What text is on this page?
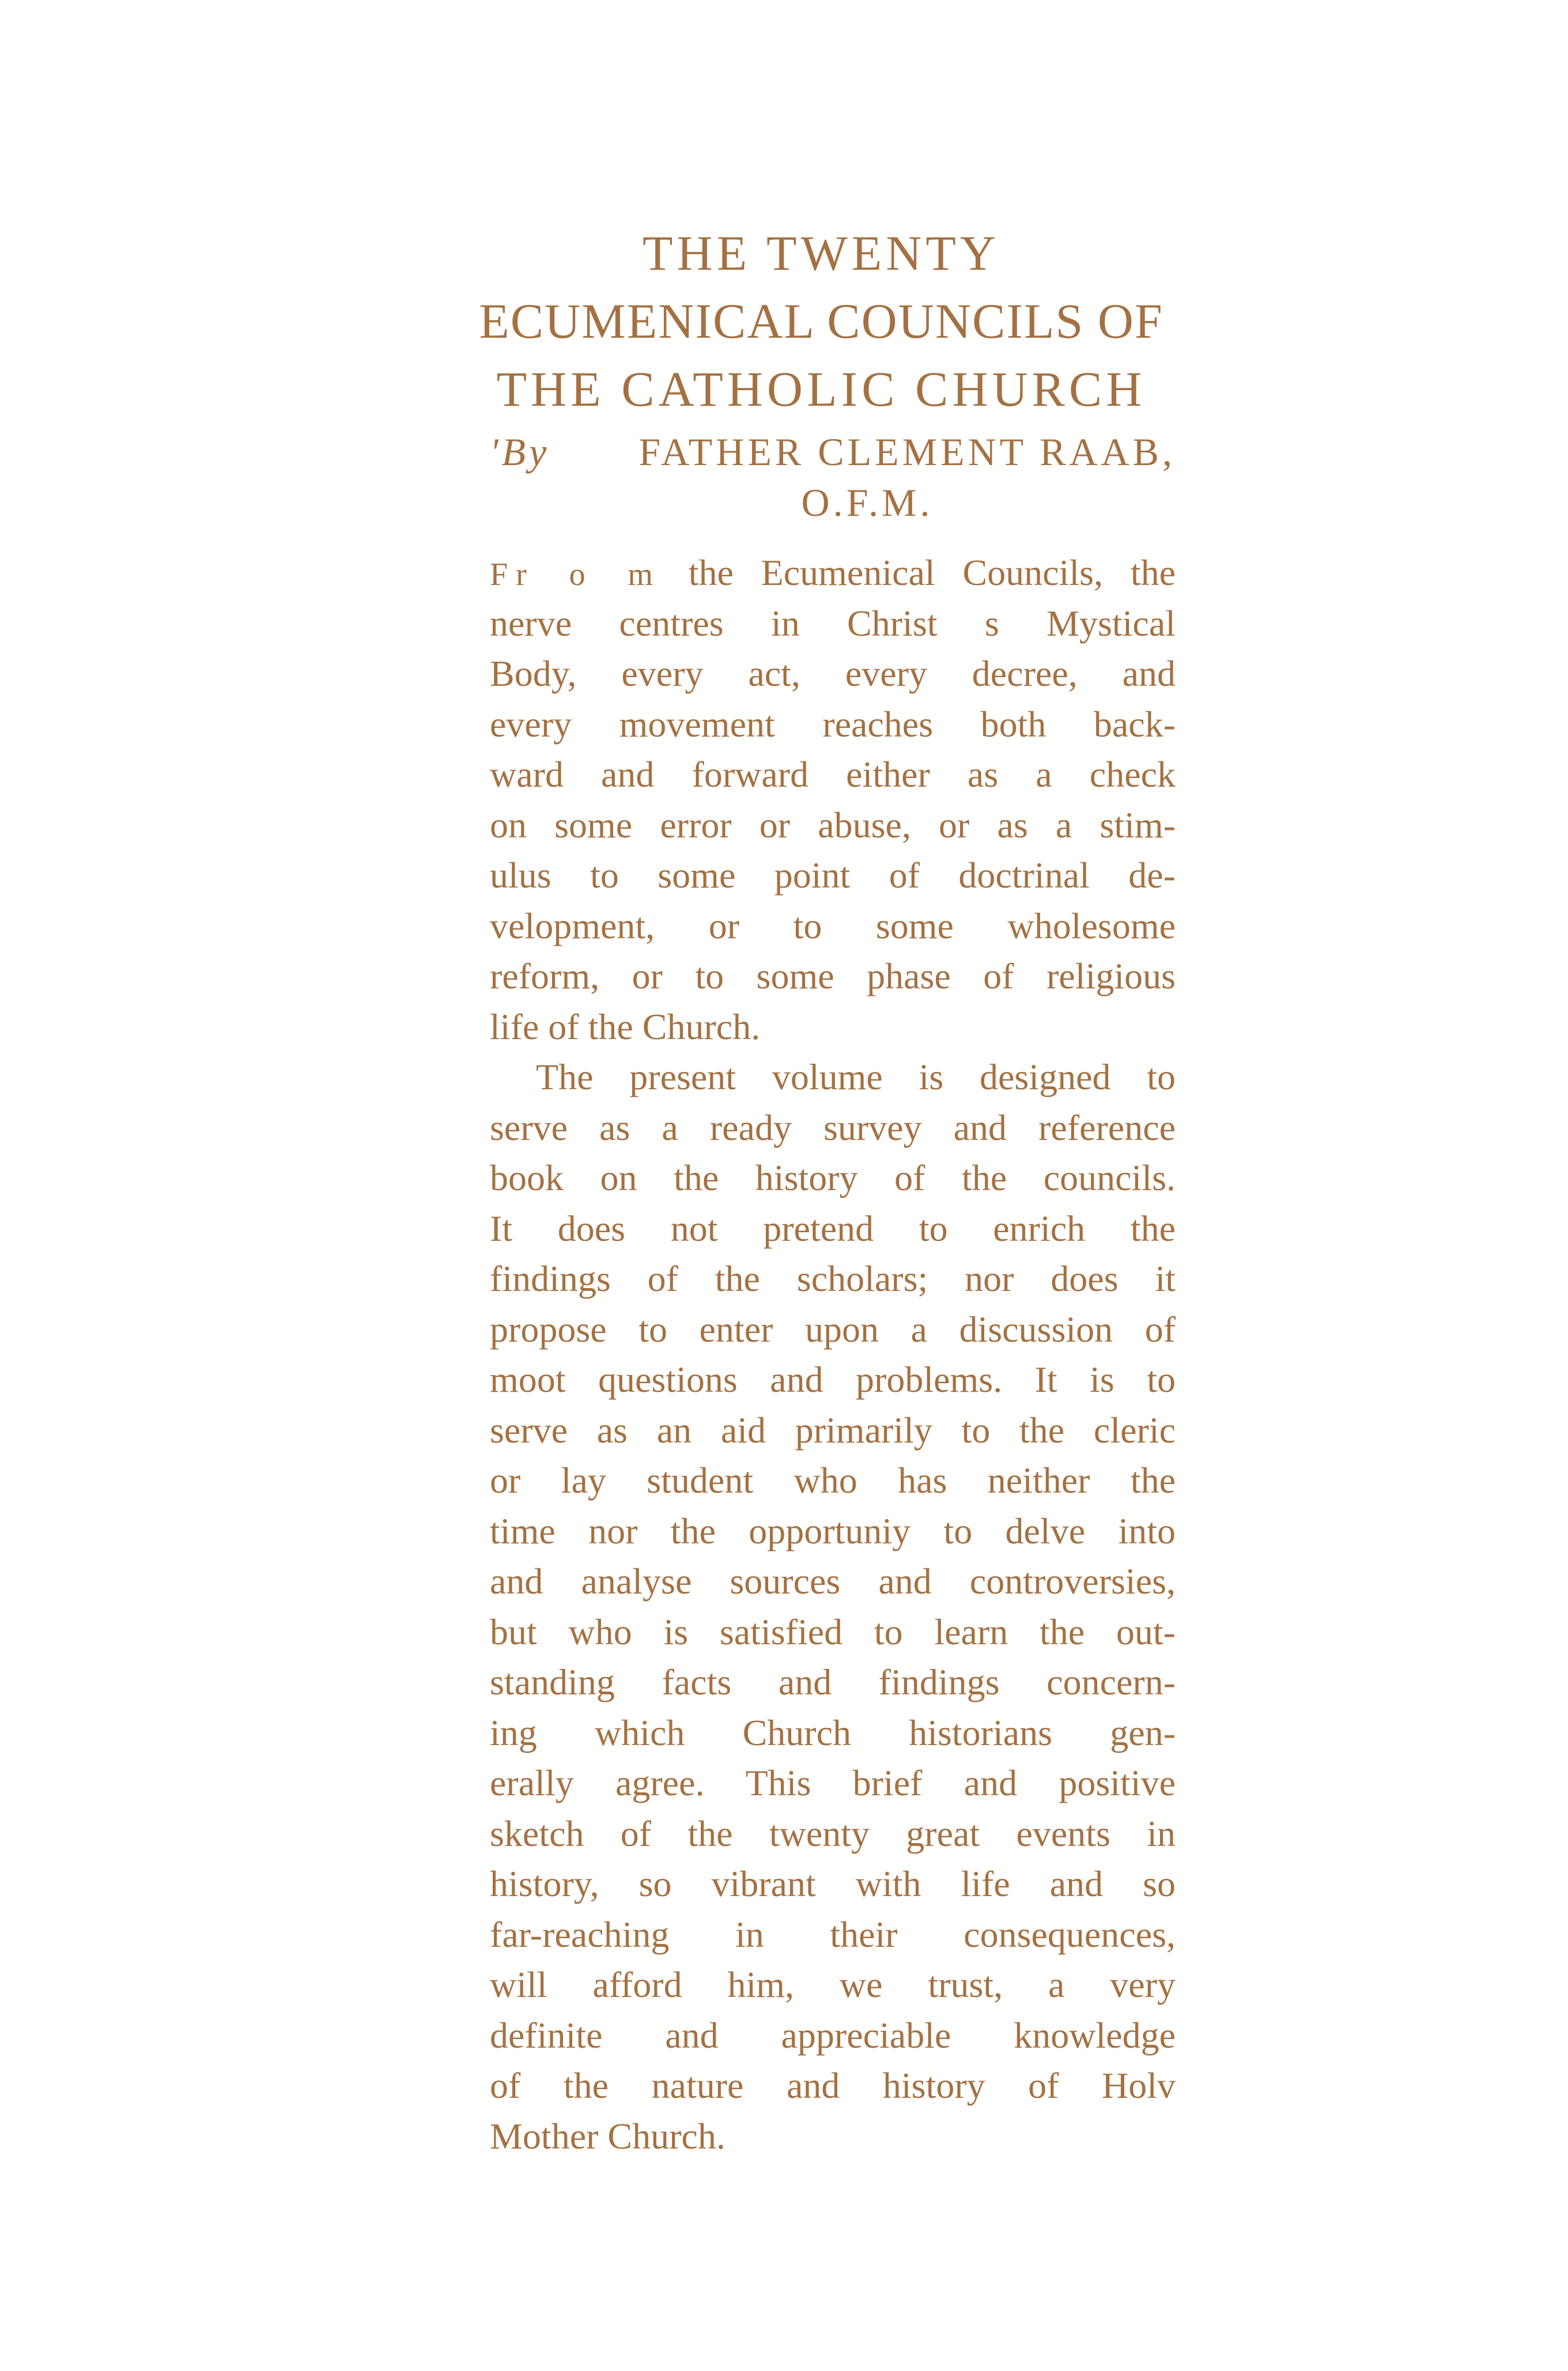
THE TWENTY
ECUMENICAL COUNCILS OF
THE CATHOLIC CHURCH
'By FATHER CLEMENT RAAB,
O.F.M.
Fr o m the Ecumenical Councils, the
nerve centres in Christ s Mystical
Body, every act, every decree, and
every movement reaches both back-
ward and forward either as a check
on some error or abuse, or as a stim-
ulus to some point of doctrinal de-
velopment, or to some wholesome
reform, or to some phase of religious
life of the Church.
The present volume is designed to
serve as a ready survey and reference
book on the history of the councils.
It does not pretend to enrich the
findings of the scholars; nor does it
propose to enter upon a discussion of
moot questions and problems. It is to
serve as an aid primarily to the cleric
or lay student who has neither the
time nor the opportuniy to delve into
and analyse sources and controversies,
but who is satisfied to learn the out-
standing facts and findings concern-
ing which Church historians gen-
erally agree. This brief and positive
sketch of the twenty great events in
history, so vibrant with life and so
far-reaching in their consequences,
will afford him, we trust, a very
definite and appreciable knowledge
of the nature and history of Holv
Mother Church.
